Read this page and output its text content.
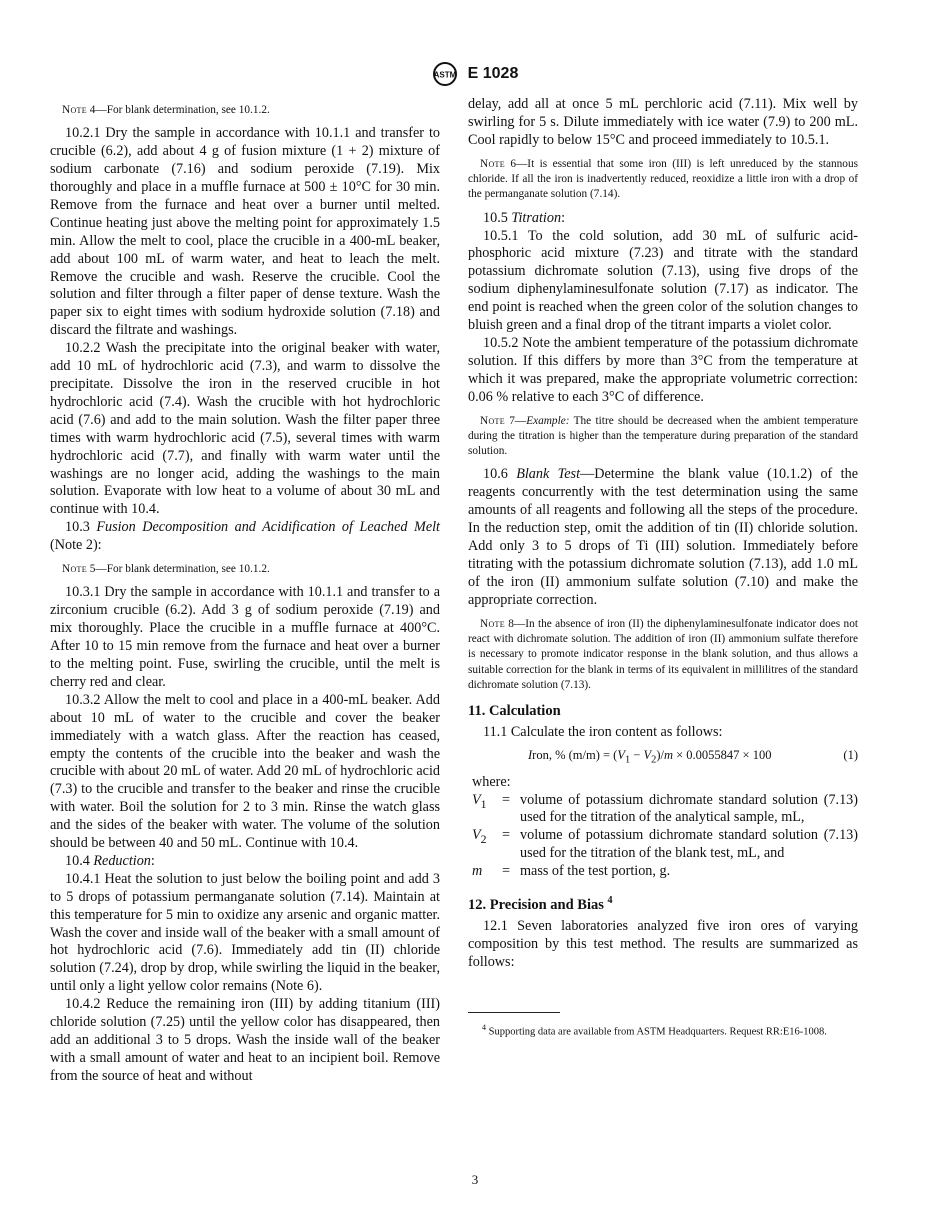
ASTM E 1028

Note 4—For blank determination, see 10.1.2.

10.2.1 Dry the sample in accordance with 10.1.1 and transfer to crucible (6.2), add about 4 g of fusion mixture (1 + 2) mixture of sodium carbonate (7.16) and sodium peroxide (7.19). Mix thoroughly and place in a muffle furnace at 500 ± 10°C for 30 min. Remove from the furnace and heat over a burner until melted. Continue heating just above the melting point for approximately 1.5 min. Allow the melt to cool, place the crucible in a 400-mL beaker, add about 100 mL of warm water, and heat to leach the melt. Remove the crucible and wash. Reserve the crucible. Cool the solution and filter through a filter paper of dense texture. Wash the paper six to eight times with sodium hydroxide solution (7.18) and discard the filtrate and washings.

10.2.2 Wash the precipitate into the original beaker with water, add 10 mL of hydrochloric acid (7.3), and warm to dissolve the precipitate. Dissolve the iron in the reserved crucible in hot hydrochloric acid (7.4). Wash the crucible with hot hydrochloric acid (7.6) and add to the main solution. Wash the filter paper three times with warm hydrochloric acid (7.5), several times with warm hydrochloric acid (7.7), and finally with warm water until the washings are no longer acid, adding the washings to the main solution. Evaporate with low heat to a volume of about 30 mL and continue with 10.4.

10.3 Fusion Decomposition and Acidification of Leached Melt (Note 2):

Note 5—For blank determination, see 10.1.2.

10.3.1 Dry the sample in accordance with 10.1.1 and transfer to a zirconium crucible (6.2). Add 3 g of sodium peroxide (7.19) and mix thoroughly. Place the crucible in a muffle furnace at 400°C. After 10 to 15 min remove from the furnace and heat over a burner to the melting point. Fuse, swirling the crucible, until the melt is cherry red and clear.

10.3.2 Allow the melt to cool and place in a 400-mL beaker. Add about 10 mL of water to the crucible and cover the beaker immediately with a watch glass. After the reaction has ceased, empty the contents of the crucible into the beaker and wash the crucible with about 20 mL of water. Add 20 mL of hydrochloric acid (7.3) to the crucible and transfer to the beaker and rinse the crucible with water. Boil the solution for 2 to 3 min. Rinse the watch glass and the sides of the beaker with water. The volume of the solution should be between 40 and 50 mL. Continue with 10.4.

10.4 Reduction:

10.4.1 Heat the solution to just below the boiling point and add 3 to 5 drops of potassium permanganate solution (7.14). Maintain at this temperature for 5 min to oxidize any arsenic and organic matter. Wash the cover and inside wall of the beaker with a small amount of hot hydrochloric acid (7.6). Immediately add tin (II) chloride solution (7.24), drop by drop, while swirling the liquid in the beaker, until only a light yellow color remains (Note 6).

10.4.2 Reduce the remaining iron (III) by adding titanium (III) chloride solution (7.25) until the yellow color has disappeared, then add an additional 3 to 5 drops. Wash the inside wall of the beaker with a small amount of water and heat to an incipient boil. Remove from the source of heat and without

delay, add all at once 5 mL perchloric acid (7.11). Mix well by swirling for 5 s. Dilute immediately with ice water (7.9) to 200 mL. Cool rapidly to below 15°C and proceed immediately to 10.5.1.

Note 6—It is essential that some iron (III) is left unreduced by the stannous chloride. If all the iron is inadvertently reduced, reoxidize a little iron with a drop of the permanganate solution (7.14).

10.5 Titration:

10.5.1 To the cold solution, add 30 mL of sulfuric acid-phosphoric acid mixture (7.23) and titrate with the standard potassium dichromate solution (7.13), using five drops of the sodium diphenylaminesulfonate solution (7.17) as indicator. The end point is reached when the green color of the solution changes to bluish green and a final drop of the titrant imparts a violet color.

10.5.2 Note the ambient temperature of the potassium dichromate solution. If this differs by more than 3°C from the temperature at which it was prepared, make the appropriate volumetric correction: 0.06 % relative to each 3°C of difference.

Note 7—Example: The titre should be decreased when the ambient temperature during the titration is higher than the temperature during preparation of the standard solution.

10.6 Blank Test—Determine the blank value (10.1.2) of the reagents concurrently with the test determination using the same amounts of all reagents and following all the steps of the procedure. In the reduction step, omit the addition of tin (II) chloride solution. Add only 3 to 5 drops of Ti (III) solution. Immediately before titrating with the potassium dichromate solution (7.13), add 1.0 mL of the iron (II) ammonium sulfate solution (7.10) and make the appropriate correction.

Note 8—In the absence of iron (II) the diphenylaminesulfonate indicator does not react with dichromate solution. The addition of iron (II) ammonium sulfate therefore is necessary to promote indicator response in the blank solution, and thus allows a suitable correction for the blank in terms of its equivalent in millilitres of the standard dichromate solution (7.13).

11. Calculation

11.1 Calculate the iron content as follows:

Iron, % $(m/m) = (V_1 - V_2)/m \times 0.0055847 \times 100$	(1)
where:
$V_1$	= volume of potassium dichromate standard solution (7.13) used for the titration of the analytical sample, mL,
$V_2$	= volume of potassium dichromate standard solution (7.13) used for the titration of the blank test, mL, and
m	= mass of the test portion, g.
12. Precision and Bias $^4$

12.1 Seven laboratories analyzed five iron ores of varying composition by this test method. The results are summarized as follows:

$^4$ Supporting data are available from ASTM Headquarters. Request RR:E16-1008.

3
